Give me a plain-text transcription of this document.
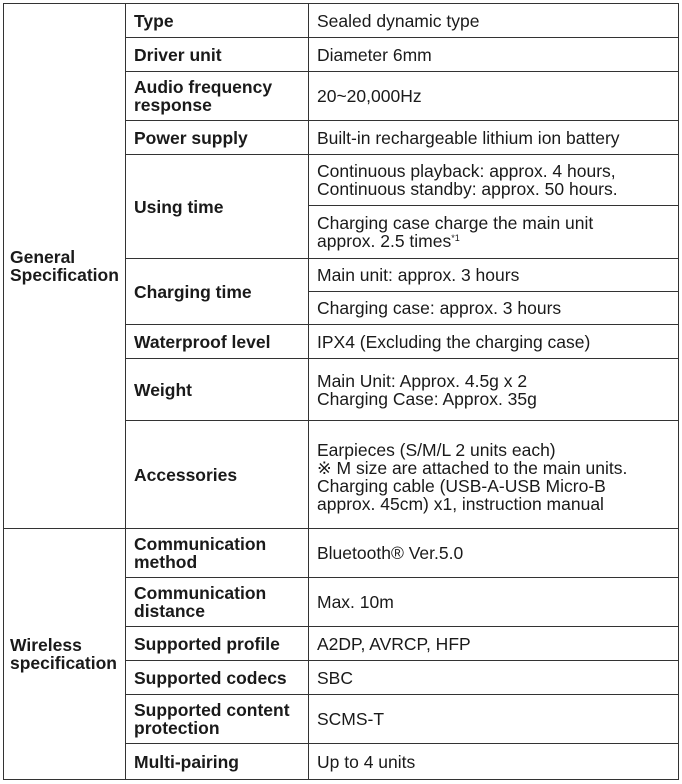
General Specification	Type	Sealed dynamic type
Driver unit	Diameter 6mm
Audio frequency response	20~20,000Hz
Power supply	Built-in rechargeable lithium ion battery
Using time	Continuous playback: approx. 4 hours,
Continuous standby: approx. 50 hours.
Charging case charge the main unit
approx. 2.5 times$^{*1}$
Charging time	Main unit: approx. 3 hours
Charging case: approx. 3 hours
Waterproof level	IPX4 (Excluding the charging case)
Weight	Main Unit: Approx. 4.5g x 2
Charging Case: Approx. 35g
Accessories	Earpieces (S/M/L 2 units each)
※ M size are attached to the main units.
Charging cable (USB-A-USB Micro-B
approx. 45cm) x1, instruction manual
Wireless specification	Communication method	Bluetooth® Ver.5.0
Communication distance	Max. 10m
Supported profile	A2DP, AVRCP, HFP
Supported codecs	SBC
Supported content protection	SCMS-T
Multi-pairing	Up to 4 units
